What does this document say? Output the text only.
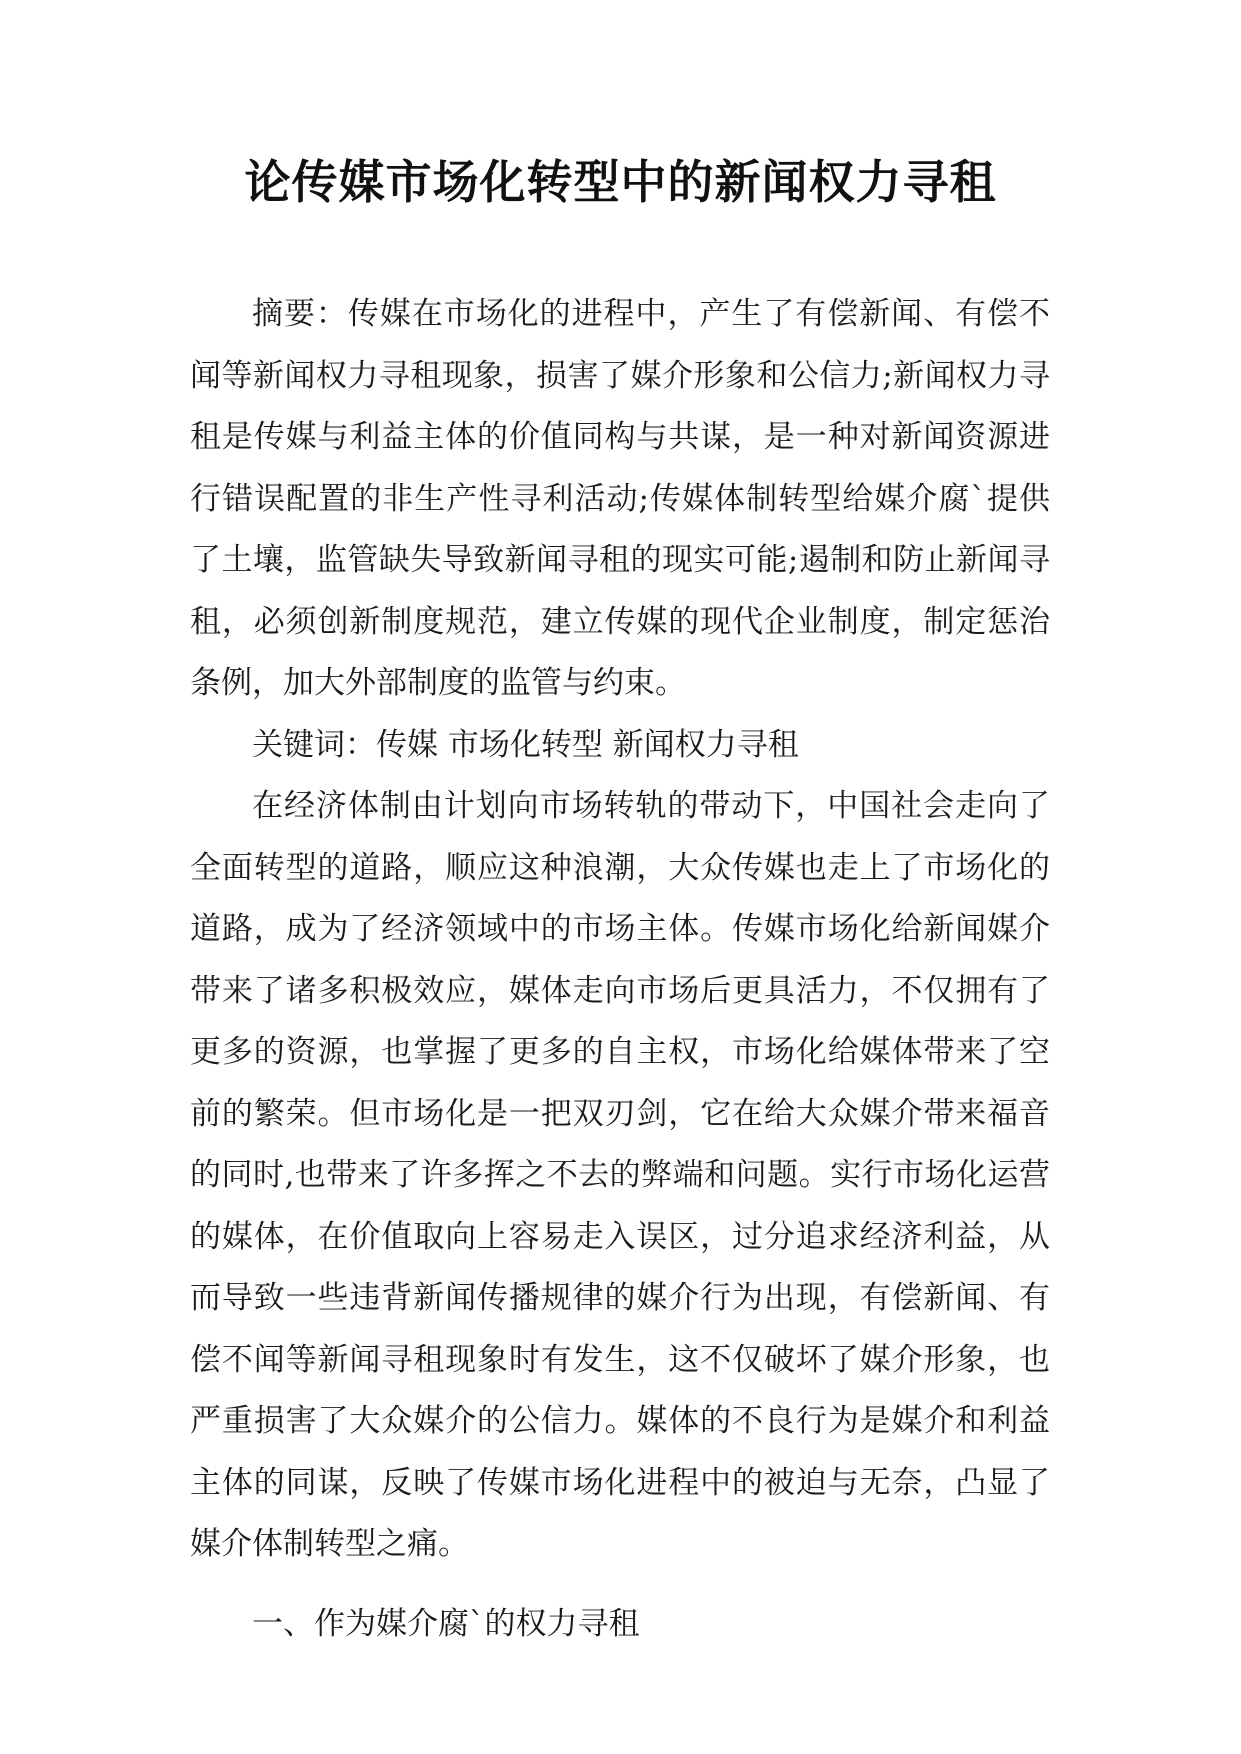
论传媒市场化转型中的新闻权力寻租

摘要：传媒在市场化的进程中，产生了有偿新闻、有偿不闻等新闻权力寻租现象，损害了媒介形象和公信力;新闻权力寻租是传媒与利益主体的价值同构与共谋，是一种对新闻资源进行错误配置的非生产性寻利活动;传媒体制转型给媒介腐`提供了土壤，监管缺失导致新闻寻租的现实可能;遏制和防止新闻寻租，必须创新制度规范，建立传媒的现代企业制度，制定惩治条例，加大外部制度的监管与约束。

关键词：传媒 市场化转型 新闻权力寻租

在经济体制由计划向市场转轨的带动下，中国社会走向了全面转型的道路，顺应这种浪潮，大众传媒也走上了市场化的道路，成为了经济领域中的市场主体。传媒市场化给新闻媒介带来了诸多积极效应，媒体走向市场后更具活力，不仅拥有了更多的资源，也掌握了更多的自主权，市场化给媒体带来了空前的繁荣。但市场化是一把双刃剑，它在给大众媒介带来福音的同时,也带来了许多挥之不去的弊端和问题。实行市场化运营的媒体，在价值取向上容易走入误区，过分追求经济利益，从而导致一些违背新闻传播规律的媒介行为出现，有偿新闻、有偿不闻等新闻寻租现象时有发生，这不仅破坏了媒介形象，也严重损害了大众媒介的公信力。媒体的不良行为是媒介和利益主体的同谋，反映了传媒市场化进程中的被迫与无奈，凸显了媒介体制转型之痛。

一、作为媒介腐`的权力寻租
